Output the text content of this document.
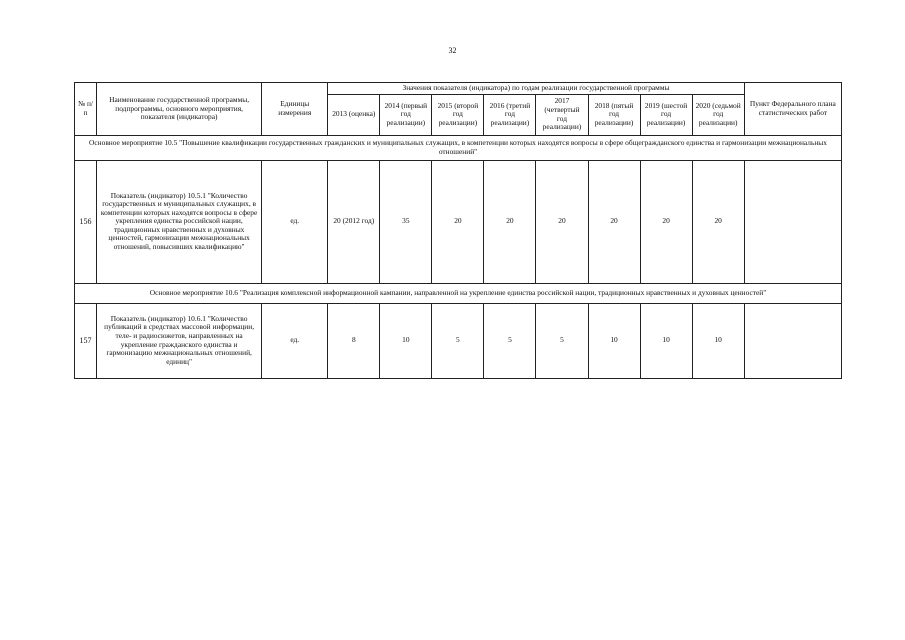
32
№ п/п	Наименование государственной программы, подпрограммы, основного мероприятия, показателя (индикатора)	Единицы измерения	Значения показателя (индикатора) по годам реализации государственной программы								Пункт Федерального плана статистических работ
			2013 (оценка)	2014 (первый год реализации)	2015 (второй год реализации)	2016 (третий год реализации)	2017 (четвертый год реализации)	2018 (пятый год реализации)	2019 (шестой год реализации)	2020 (седьмой год реализации)	
Основное мероприятие 10.5 "Повышение квалификации государственных гражданских и муниципальных служащих, в компетенции которых находятся вопросы в сфере общегражданского единства и гармонизации межнациональных отношений"											
156	Показатель (индикатор) 10.5.1 "Количество государственных и муниципальных служащих, в компетенции которых находятся вопросы в сфере укрепления единства российской нации, традиционных нравственных и духовных ценностей, гармонизации межнациональных отношений, повысивших квалификацию"	ед.	20 (2012 год)	35	20	20	20	20	20	20	
Основное мероприятие 10.6 "Реализация комплексной информационной кампании, направленной на укрепление единства российской нации, традиционных нравственных и духовных ценностей"											
157	Показатель (индикатор) 10.6.1 "Количество публикаций в средствах массовой информации, теле- и радиосюжетов, направленных на укрепление гражданского единства и гармонизацию межнациональных отношений, единиц"	ед.	8	10	5	5	5	10	10	10	
